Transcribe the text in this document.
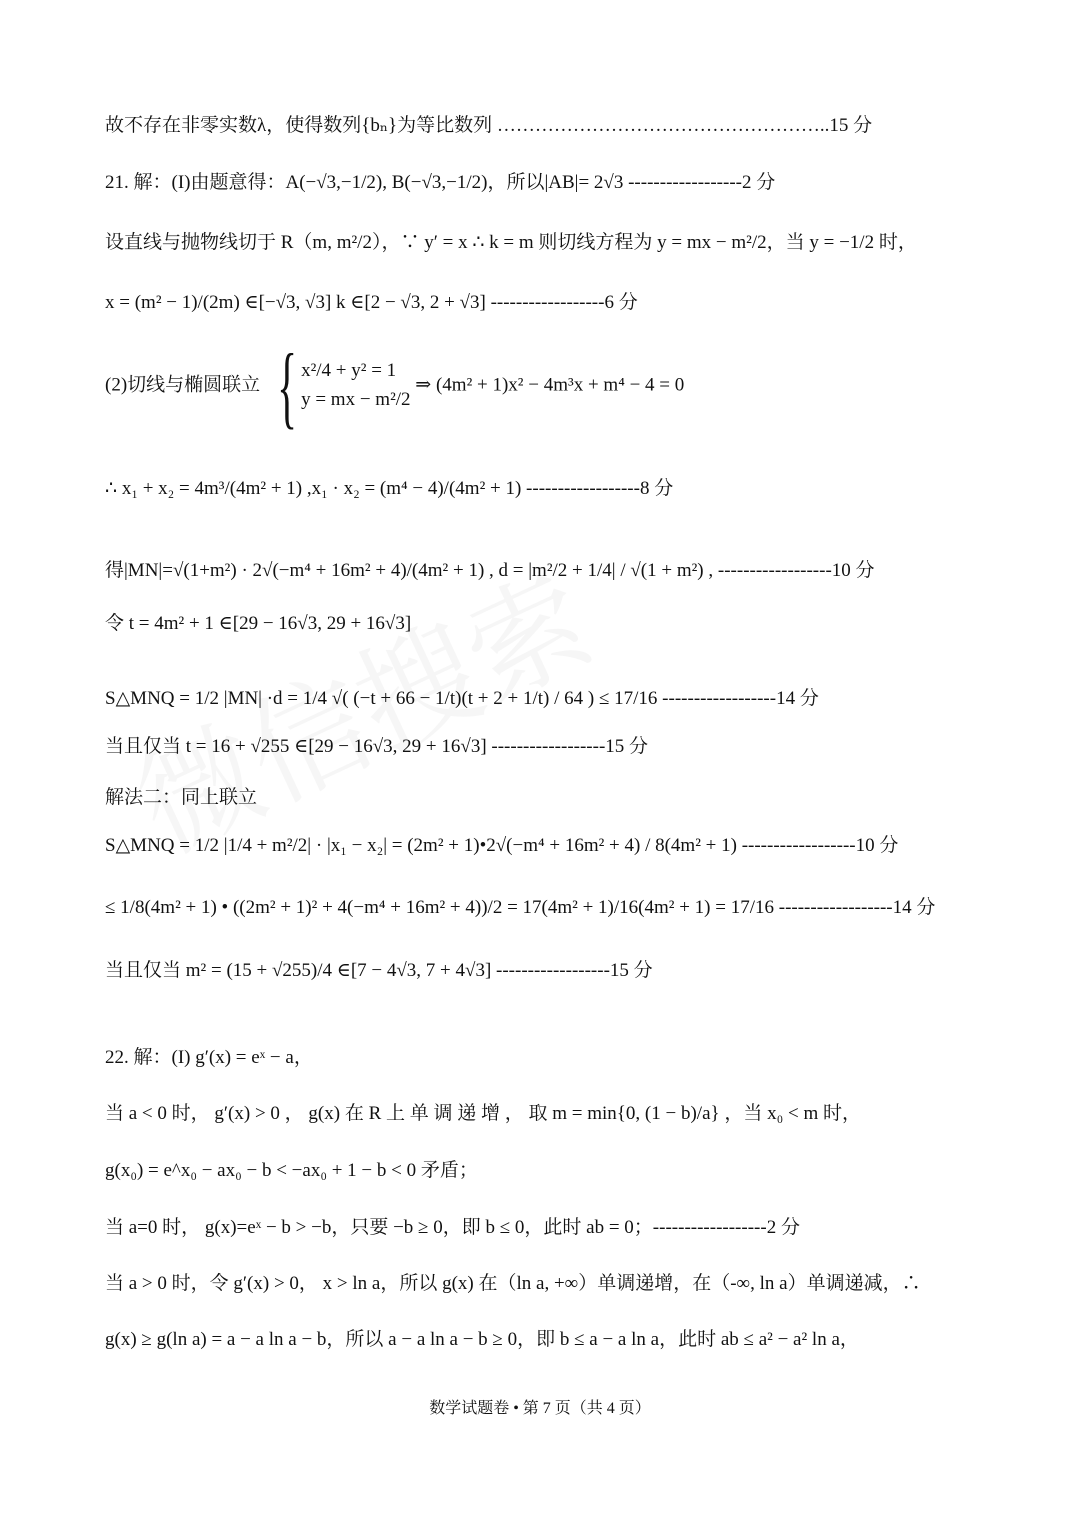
故不存在非零实数λ，使得数列{bₙ}为等比数列 ……………………………………………..15 分
21. 解：(I)由题意得：A(−√3,−1/2), B(−√3,−1/2)，所以|AB|= 2√3 ------------------2 分
设直线与抛物线切于 R（m, m²/2），∵ y′ = x ∴ k = m 则切线方程为 y = mx − m²/2，当 y = −1/2 时，
x = (m² − 1)/(2m) ∈[−√3, √3] k ∈[2 − √3, 2 + √3] ------------------6 分
(2)切线与椭圆联立 { x²/4 + y² = 1
y = mx − m²/2
⇒ (4m² + 1)x² − 4m³x + m⁴ − 4 = 0
∴ x₁ + x₂ = 4m³/(4m² + 1) ,x₁ · x₂ = (m⁴ − 4)/(4m² + 1) ------------------8 分
得|MN|=√(1+m²) · 2√(−m⁴ + 16m² + 4)/(4m² + 1) , d = |m²/2 + 1/4| / √(1 + m²) , ------------------10 分
令 t = 4m² + 1 ∈[29 − 16√3, 29 + 16√3]
S△MNQ = 1/2 |MN| ·d = 1/4 √( (−t + 66 − 1/t)(t + 2 + 1/t) / 64 ) ≤ 17/16 ------------------14 分
当且仅当 t = 16 + √255 ∈[29 − 16√3, 29 + 16√3] ------------------15 分
解法二：同上联立
S△MNQ = 1/2 |1/4 + m²/2| · |x₁ − x₂| = (2m² + 1)•2√(−m⁴ + 16m² + 4) / 8(4m² + 1) ------------------10 分
≤ 1/8(4m² + 1) • ((2m² + 1)² + 4(−m⁴ + 16m² + 4))/2 = 17(4m² + 1)/16(4m² + 1) = 17/16 ------------------14 分
当且仅当 m² = (15 + √255)/4 ∈[7 − 4√3, 7 + 4√3] ------------------15 分
22. 解：(I) g′(x) = eˣ − a，
当 a < 0 时， g′(x) > 0 ， g(x) 在 R 上 单 调 递 增 ， 取 m = min{0, (1 − b)/a} ，当 x₀ < m 时，
g(x₀) = e^x₀ − ax₀ − b < −ax₀ + 1 − b < 0 矛盾；
当 a=0 时， g(x)=eˣ − b > −b，只要 −b ≥ 0，即 b ≤ 0，此时 ab = 0；------------------2 分
当 a > 0 时，令 g′(x) > 0， x > ln a，所以 g(x) 在（ln a, +∞）单调递增，在（-∞, ln a）单调递减，∴
g(x) ≥ g(ln a) = a − a ln a − b，所以 a − a ln a − b ≥ 0，即 b ≤ a − a ln a，此时 ab ≤ a² − a² ln a，
数学试题卷 • 第 7 页（共 4 页）
